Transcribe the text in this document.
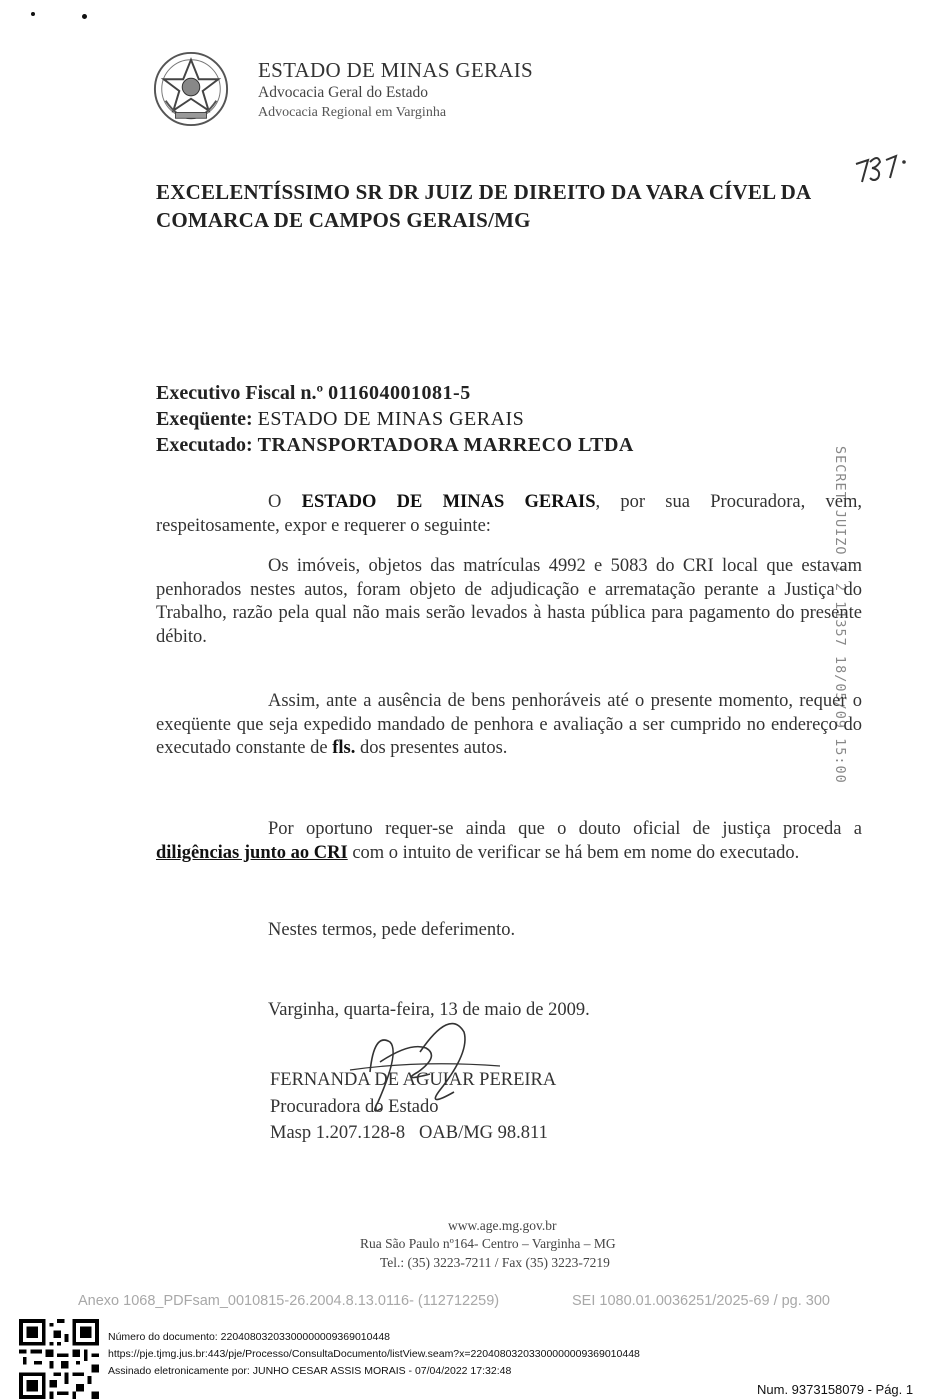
ESTADO DE MINAS GERAIS
Advocacia Geral do Estado
Advocacia Regional em Varginha
737.
EXCELENTÍSSIMO SR DR JUIZ DE DIREITO DA VARA CÍVEL DA
COMARCA DE CAMPOS GERAIS/MG
Executivo Fiscal n.º 011604001081-5
Exeqüente: ESTADO DE MINAS GERAIS
Executado: TRANSPORTADORA MARRECO LTDA
SECRET JUIZO 1 2 11357 18/05/09 15:00
O ESTADO DE MINAS GERAIS, por sua Procuradora, vem, respeitosamente, expor e requerer o seguinte:
Os imóveis, objetos das matrículas 4992 e 5083 do CRI local que estavam penhorados nestes autos, foram objeto de adjudicação e arrematação perante a Justiça do Trabalho, razão pela qual não mais serão levados à hasta pública para pagamento do presente débito.
Assim, ante a ausência de bens penhoráveis até o presente momento, requer o exeqüente que seja expedido mandado de penhora e avaliação a ser cumprido no endereço do executado constante de fls. dos presentes autos.
Por oportuno requer-se ainda que o douto oficial de justiça proceda a diligências junto ao CRI com o intuito de verificar se há bem em nome do executado.
Nestes termos, pede deferimento.
Varginha, quarta-feira, 13 de maio de 2009.
FERNANDA DE AGUIAR PEREIRA
Procuradora do Estado
Masp 1.207.128-8   OAB/MG 98.811
www.age.mg.gov.br
Rua São Paulo nº164- Centro – Varginha – MG
Tel.: (35) 3223-7211 / Fax (35) 3223-7219
Anexo 1068_PDFsam_0010815-26.2004.8.13.0116- (112712259)	SEI 1080.01.0036251/2025-69 / pg. 300
Número do documento: 22040803203300000009369010448
https://pje.tjmg.jus.br:443/pje/Processo/ConsultaDocumento/listView.seam?x=22040803203300000009369010448
Assinado eletronicamente por: JUNHO CESAR ASSIS MORAIS - 07/04/2022 17:32:48
Num. 9373158079 - Pág. 1
